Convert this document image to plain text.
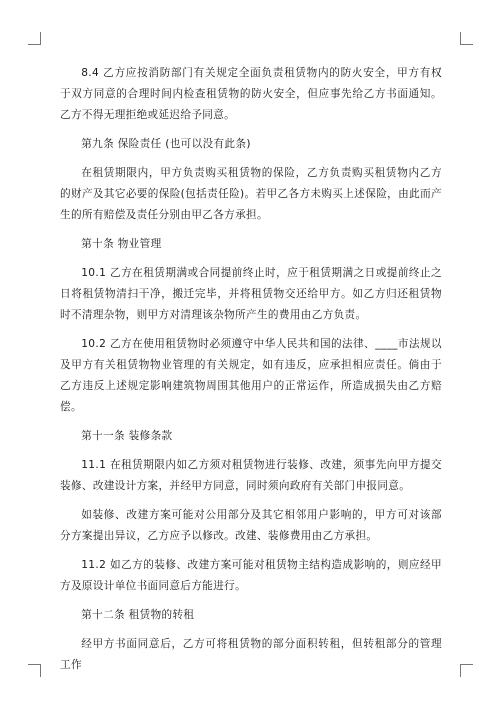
8.4 乙方应按消防部门有关规定全面负责租赁物内的防火安全，甲方有权于双方同意的合理时间内检查租赁物的防火安全，但应事先给乙方书面通知。乙方不得无理拒绝或延迟给予同意。

第九条 保险责任 (也可以没有此条)

在租赁期限内，甲方负责购买租赁物的保险，乙方负责购买租赁物内乙方的财产及其它必要的保险(包括责任险)。若甲乙各方未购买上述保险，由此而产生的所有赔偿及责任分别由甲乙各方承担。

第十条 物业管理

10.1 乙方在租赁期满或合同提前终止时，应于租赁期满之日或提前终止之日将租赁物清扫干净，搬迁完毕，并将租赁物交还给甲方。如乙方归还租赁物时不清理杂物，则甲方对清理该杂物所产生的费用由乙方负责。

10.2 乙方在使用租赁物时必须遵守中华人民共和国的法律、____市法规以及甲方有关租赁物物业管理的有关规定，如有违反，应承担相应责任。倘由于乙方违反上述规定影响建筑物周围其他用户的正常运作，所造成损失由乙方赔偿。

第十一条 装修条款

11.1 在租赁期限内如乙方须对租赁物进行装修、改建，须事先向甲方提交装修、改建设计方案，并经甲方同意，同时须向政府有关部门申报同意。

如装修、改建方案可能对公用部分及其它相邻用户影响的，甲方可对该部分方案提出异议，乙方应予以修改。改建、装修费用由乙方承担。

11.2 如乙方的装修、改建方案可能对租赁物主结构造成影响的，则应经甲方及原设计单位书面同意后方能进行。

第十二条 租赁物的转租

经甲方书面同意后，乙方可将租赁物的部分面积转租，但转租部分的管理工作
